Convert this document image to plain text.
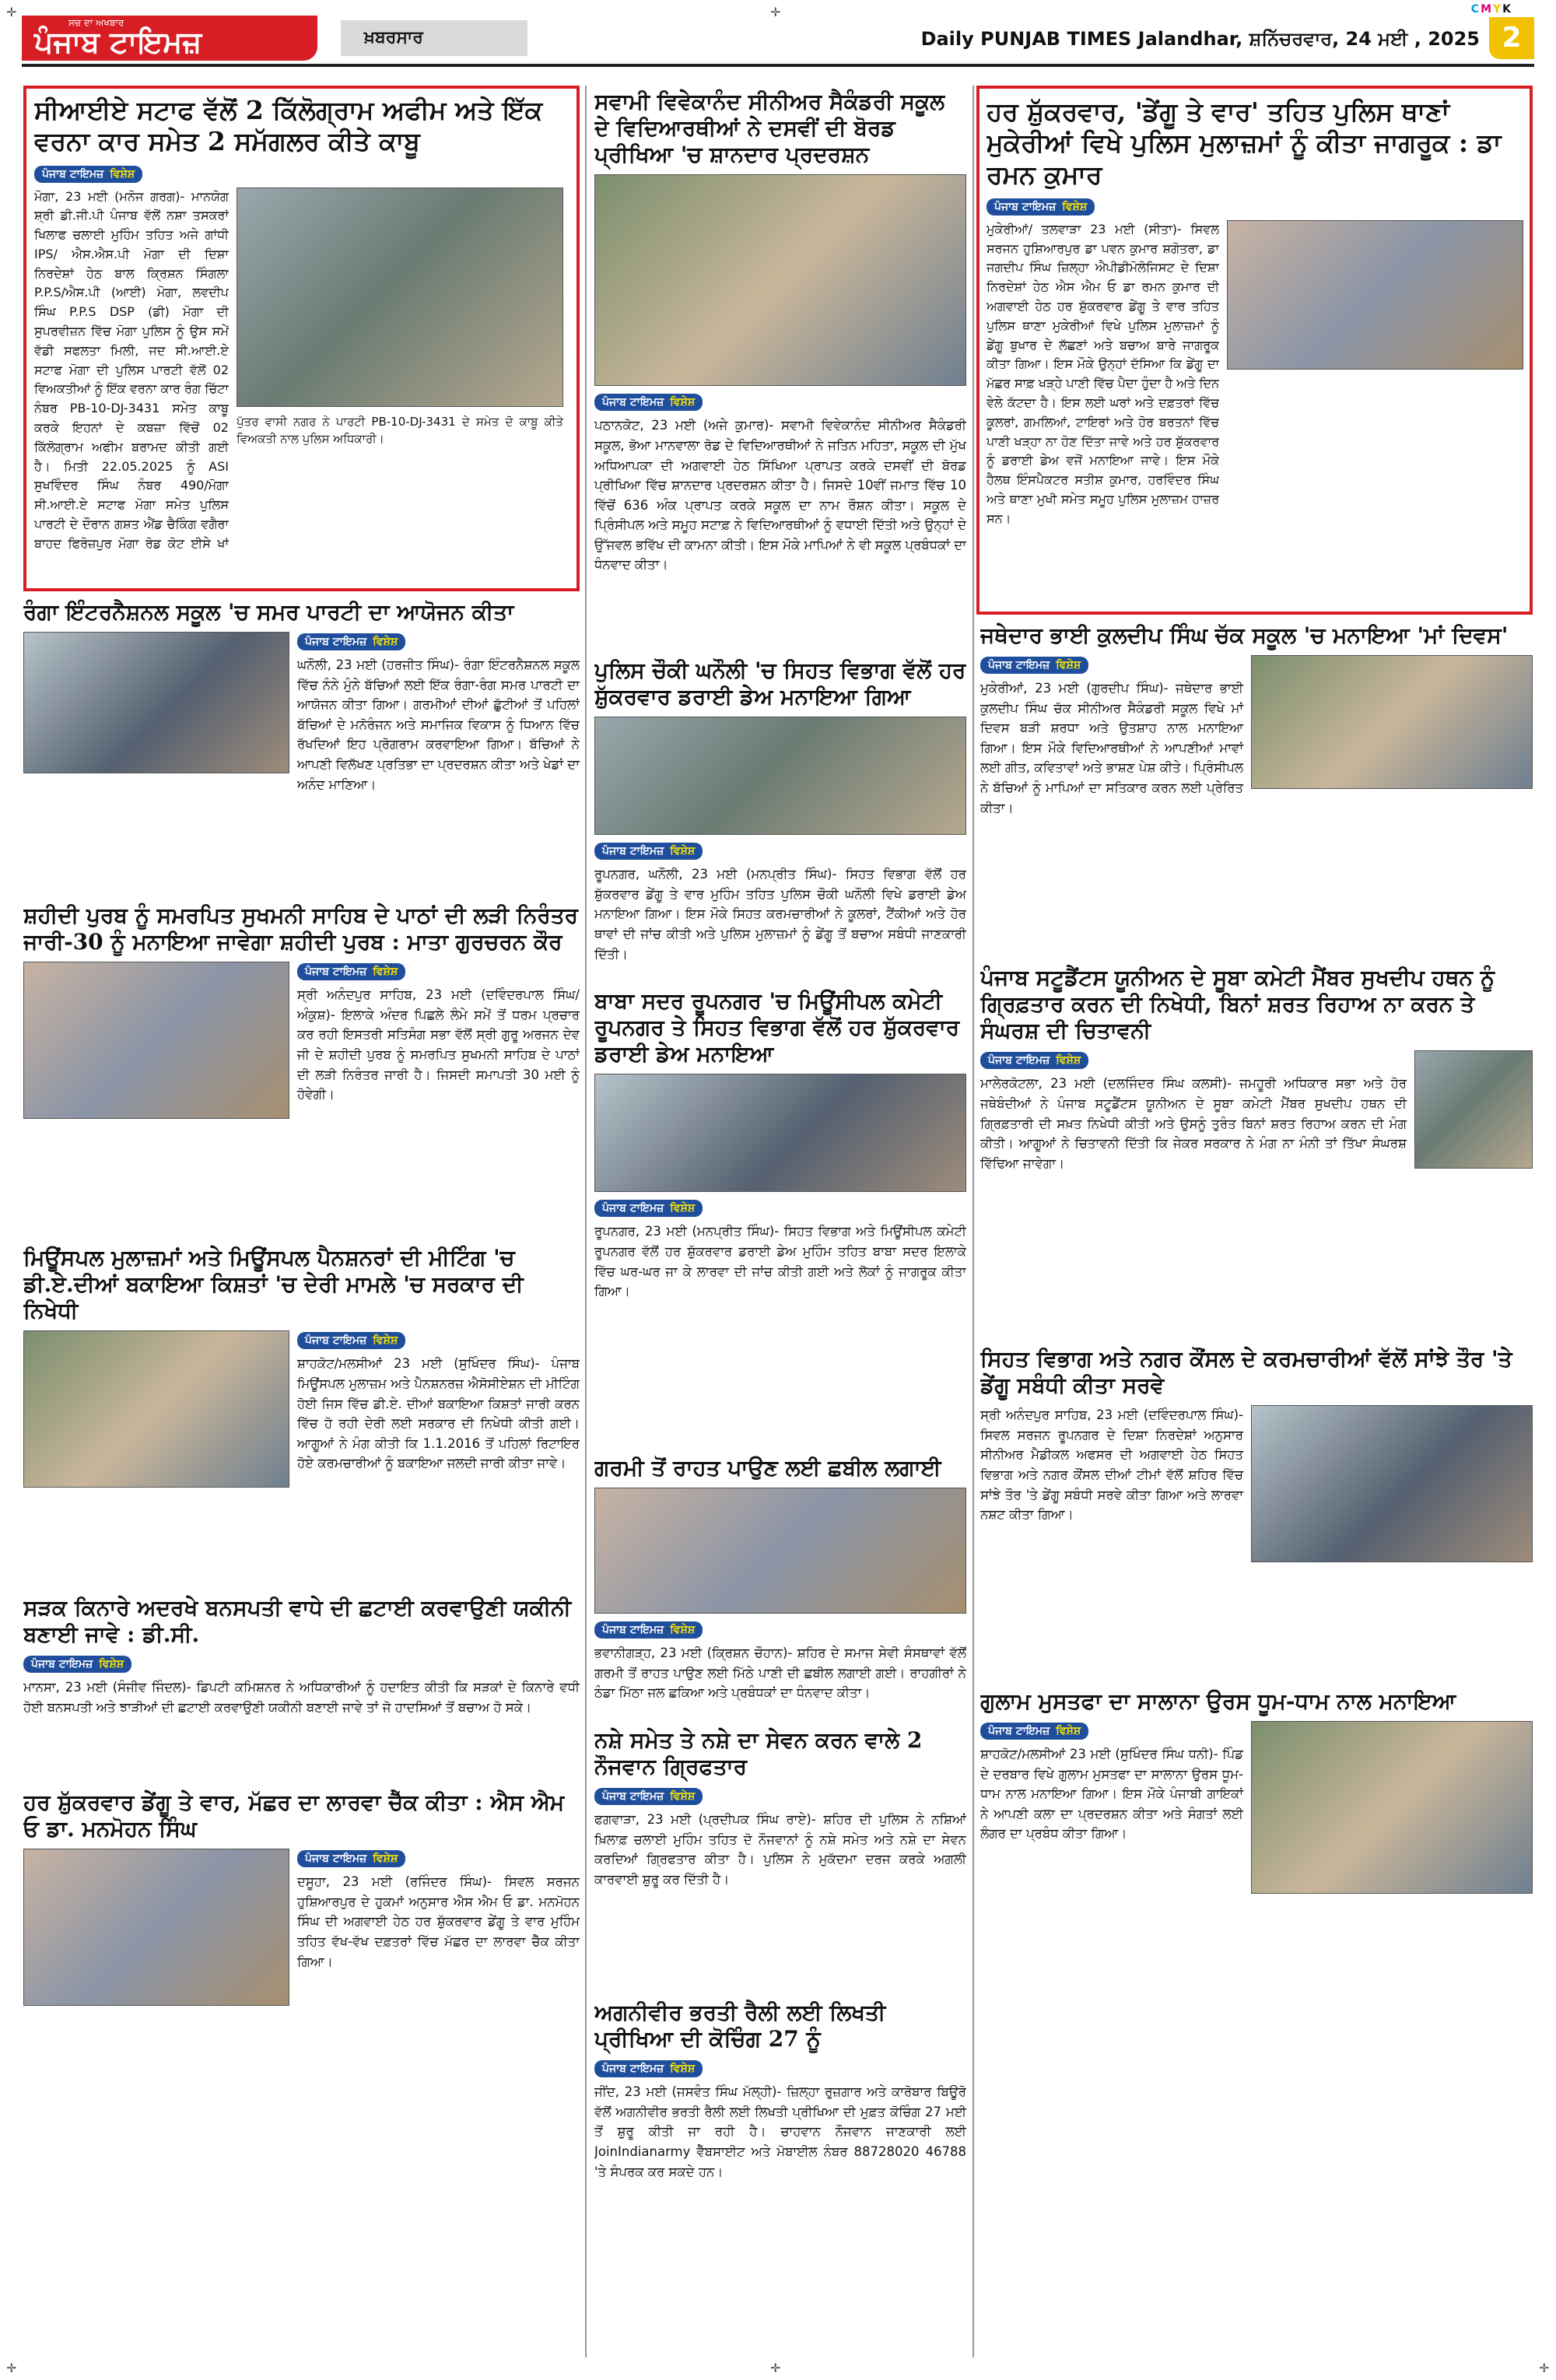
✛	✛
✛	✛	✛
CMYK
ਸਚ ਦਾ ਅਖਬਾਰ
ਪੰਜਾਬ ਟਾਇਮਜ਼	ਖ਼ਬਰਸਾਰ	Daily PUNJAB TIMES Jalandhar, ਸ਼ਨਿੱਚਰਵਾਰ, 24 ਮਈ , 2025 2
ਸੀਆਈਏ ਸਟਾਫ ਵੱਲੋਂ 2 ਕਿੱਲੋਗ੍ਰਾਮ ਅਫੀਮ ਅਤੇ ਇੱਕ ਵਰਨਾ ਕਾਰ ਸਮੇਤ 2 ਸਮੱਗਲਰ ਕੀਤੇ ਕਾਬੂ
ਪੰਜਾਬ ਟਾਇਮਜ਼ ਵਿਸ਼ੇਸ਼
ਮੋਗਾ, 23 ਮਈ (ਮਨੋਜ ਗਰਗ)- ਮਾਨਯੋਗ ਸ਼੍ਰੀ ਡੀ.ਜੀ.ਪੀ ਪੰਜਾਬ ਵੱਲੋਂ ਨਸ਼ਾ ਤਸਕਰਾਂ ਖਿਲਾਫ ਚਲਾਈ ਮੁਹਿੰਮ ਤਹਿਤ ਅਜੇ ਗਾਂਧੀ IPS/ ਐਸ.ਐਸ.ਪੀ ਮੋਗਾ ਦੀ ਦਿਸ਼ਾ ਨਿਰਦੇਸ਼ਾਂ ਹੇਠ ਬਾਲ ਕ੍ਰਿਸ਼ਨ ਸਿੰਗਲਾ P.P.S/ਐਸ.ਪੀ (ਆਈ) ਮੋਗਾ, ਲਵਦੀਪ ਸਿੰਘ P.P.S DSP (ਡੀ) ਮੋਗਾ ਦੀ ਸੁਪਰਵੀਜ਼ਨ ਵਿੱਚ ਮੋਗਾ ਪੁਲਿਸ ਨੂੰ ਉਸ ਸਮੇਂ ਵੱਡੀ ਸਫਲਤਾ ਮਿਲੀ, ਜਦ ਸੀ.ਆਈ.ਏ ਸਟਾਫ ਮੋਗਾ ਦੀ ਪੁਲਿਸ ਪਾਰਟੀ ਵੱਲੋਂ 02 ਵਿਅਕਤੀਆਂ ਨੂੰ ਇੱਕ ਵਰਨਾ ਕਾਰ ਰੰਗ ਚਿੱਟਾ ਨੰਬਰ PB-10-DJ-3431 ਸਮੇਤ ਕਾਬੂ ਕਰਕੇ ਇਹਨਾਂ ਦੇ ਕਬਜ਼ਾ ਵਿੱਚੋਂ 02 ਕਿੱਲੋਗ੍ਰਾਮ ਅਫੀਮ ਬਰਾਮਦ ਕੀਤੀ ਗਈ ਹੈ। ਮਿਤੀ 22.05.2025 ਨੂੰ ASI ਸੁਖਵਿੰਦਰ ਸਿੰਘ ਨੰਬਰ 490/ਮੋਗਾ ਸੀ.ਆਈ.ਏ ਸਟਾਫ ਮੋਗਾ ਸਮੇਤ ਪੁਲਿਸ ਪਾਰਟੀ ਦੇ ਦੌਰਾਨ ਗਸ਼ਤ ਐਂਡ ਚੈਕਿੰਗ ਵਗੈਰਾ ਬਾਹਦ ਫਿਰੋਜ਼ਪੁਰ ਮੋਗਾ ਰੋਡ ਕੋਟ ਈਸੇ ਖਾਂ
ਪੁੱਤਰ ਵਾਸੀ ਨਗਰ ਨੇ ਪਾਰਟੀ PB-10-DJ-3431 ਦੇ ਸਮੇਤ ਦੋ ਕਾਬੂ ਕੀਤੇ ਵਿਅਕਤੀ ਨਾਲ ਪੁਲਿਸ ਅਧਿਕਾਰੀ।
ਸਵਾਮੀ ਵਿਵੇਕਾਨੰਦ ਸੀਨੀਅਰ ਸੈਕੰਡਰੀ ਸਕੂਲ ਦੇ ਵਿਦਿਆਰਥੀਆਂ ਨੇ ਦਸਵੀਂ ਦੀ ਬੋਰਡ ਪ੍ਰੀਖਿਆ 'ਚ ਸ਼ਾਨਦਾਰ ਪ੍ਰਦਰਸ਼ਨ
ਪੰਜਾਬ ਟਾਇਮਜ਼ ਵਿਸ਼ੇਸ਼

ਪਠਾਨਕੋਟ, 23 ਮਈ (ਅਜੇ ਕੁਮਾਰ)- ਸਵਾਮੀ ਵਿਵੇਕਾਨੰਦ ਸੀਨੀਅਰ ਸੈਕੰਡਰੀ ਸਕੂਲ, ਭੋਆ ਮਾਨਵਾਲਾ ਰੋਡ ਦੇ ਵਿਦਿਆਰਥੀਆਂ ਨੇ ਜਤਿਨ ਮਹਿਤਾ, ਸਕੂਲ ਦੀ ਮੁੱਖ ਅਧਿਆਪਕਾ ਦੀ ਅਗਵਾਈ ਹੇਠ ਸਿੱਖਿਆ ਪ੍ਰਾਪਤ ਕਰਕੇ ਦਸਵੀਂ ਦੀ ਬੋਰਡ ਪ੍ਰੀਖਿਆ ਵਿੱਚ ਸ਼ਾਨਦਾਰ ਪ੍ਰਦਰਸ਼ਨ ਕੀਤਾ ਹੈ। ਜਿਸਦੇ 10ਵੀਂ ਜਮਾਤ ਵਿੱਚ 10 ਵਿੱਚੋਂ 636 ਅੰਕ ਪ੍ਰਾਪਤ ਕਰਕੇ ਸਕੂਲ ਦਾ ਨਾਮ ਰੌਸ਼ਨ ਕੀਤਾ। ਸਕੂਲ ਦੇ ਪ੍ਰਿੰਸੀਪਲ ਅਤੇ ਸਮੂਹ ਸਟਾਫ਼ ਨੇ ਵਿਦਿਆਰਥੀਆਂ ਨੂੰ ਵਧਾਈ ਦਿੱਤੀ ਅਤੇ ਉਨ੍ਹਾਂ ਦੇ ਉੱਜਵਲ ਭਵਿੱਖ ਦੀ ਕਾਮਨਾ ਕੀਤੀ। ਇਸ ਮੌਕੇ ਮਾਪਿਆਂ ਨੇ ਵੀ ਸਕੂਲ ਪ੍ਰਬੰਧਕਾਂ ਦਾ ਧੰਨਵਾਦ ਕੀਤਾ।

ਹਰ ਸ਼ੁੱਕਰਵਾਰ, 'ਡੇਂਗੂ ਤੇ ਵਾਰ' ਤਹਿਤ ਪੁਲਿਸ ਥਾਣਾਂ ਮੁਕੇਰੀਆਂ ਵਿਖੇ ਪੁਲਿਸ ਮੁਲਾਜ਼ਮਾਂ ਨੂੰ ਕੀਤਾ ਜਾਗਰੂਕ : ਡਾ ਰਮਨ ਕੁਮਾਰ
ਪੰਜਾਬ ਟਾਇਮਜ਼ ਵਿਸ਼ੇਸ਼
ਮੁਕੇਰੀਆਂ/ ਤਲਵਾੜਾ 23 ਮਈ (ਸੀਤਾ)- ਸਿਵਲ ਸਰਜਨ ਹੁਸ਼ਿਆਰਪੁਰ ਡਾ ਪਵਨ ਕੁਮਾਰ ਸ਼ਗੋਤਰਾ, ਡਾ ਜਗਦੀਪ ਸਿੰਘ ਜ਼ਿਲ੍ਹਾ ਐਪੀਡੀਮੋਲੋਜਿਸਟ ਦੇ ਦਿਸ਼ਾ ਨਿਰਦੇਸ਼ਾਂ ਹੇਠ ਐਸ ਐਮ ਓ ਡਾ ਰਮਨ ਕੁਮਾਰ ਦੀ ਅਗਵਾਈ ਹੇਠ ਹਰ ਸ਼ੁੱਕਰਵਾਰ ਡੇਂਗੂ ਤੇ ਵਾਰ ਤਹਿਤ ਪੁਲਿਸ ਥਾਣਾ ਮੁਕੇਰੀਆਂ ਵਿਖੇ ਪੁਲਿਸ ਮੁਲਾਜ਼ਮਾਂ ਨੂੰ ਡੇਂਗੂ ਬੁਖਾਰ ਦੇ ਲੱਛਣਾਂ ਅਤੇ ਬਚਾਅ ਬਾਰੇ ਜਾਗਰੂਕ ਕੀਤਾ ਗਿਆ। ਇਸ ਮੌਕੇ ਉਨ੍ਹਾਂ ਦੱਸਿਆ ਕਿ ਡੇਂਗੂ ਦਾ ਮੱਛਰ ਸਾਫ਼ ਖੜ੍ਹੇ ਪਾਣੀ ਵਿੱਚ ਪੈਦਾ ਹੁੰਦਾ ਹੈ ਅਤੇ ਦਿਨ ਵੇਲੇ ਕੱਟਦਾ ਹੈ। ਇਸ ਲਈ ਘਰਾਂ ਅਤੇ ਦਫ਼ਤਰਾਂ ਵਿੱਚ ਕੂਲਰਾਂ, ਗਮਲਿਆਂ, ਟਾਇਰਾਂ ਅਤੇ ਹੋਰ ਬਰਤਨਾਂ ਵਿੱਚ ਪਾਣੀ ਖੜ੍ਹਾ ਨਾ ਹੋਣ ਦਿੱਤਾ ਜਾਵੇ ਅਤੇ ਹਰ ਸ਼ੁੱਕਰਵਾਰ ਨੂੰ ਡਰਾਈ ਡੇਅ ਵਜੋਂ ਮਨਾਇਆ ਜਾਵੇ। ਇਸ ਮੌਕੇ ਹੈਲਥ ਇੰਸਪੈਕਟਰ ਸਤੀਸ਼ ਕੁਮਾਰ, ਹਰਵਿੰਦਰ ਸਿੰਘ ਅਤੇ ਥਾਣਾ ਮੁਖੀ ਸਮੇਤ ਸਮੂਹ ਪੁਲਿਸ ਮੁਲਾਜ਼ਮ ਹਾਜ਼ਰ ਸਨ।
ਰੰਗਾ ਇੰਟਰਨੈਸ਼ਨਲ ਸਕੂਲ 'ਚ ਸਮਰ ਪਾਰਟੀ ਦਾ ਆਯੋਜਨ ਕੀਤਾ
ਪੰਜਾਬ ਟਾਇਮਜ਼ ਵਿਸ਼ੇਸ਼

ਘਨੌਲੀ, 23 ਮਈ (ਹਰਜੀਤ ਸਿੰਘ)- ਰੰਗਾ ਇੰਟਰਨੈਸ਼ਨਲ ਸਕੂਲ ਵਿੱਚ ਨੰਨੇ ਮੁੰਨੇ ਬੱਚਿਆਂ ਲਈ ਇੱਕ ਰੰਗਾ-ਰੰਗ ਸਮਰ ਪਾਰਟੀ ਦਾ ਆਯੋਜਨ ਕੀਤਾ ਗਿਆ। ਗਰਮੀਆਂ ਦੀਆਂ ਛੁੱਟੀਆਂ ਤੋਂ ਪਹਿਲਾਂ ਬੱਚਿਆਂ ਦੇ ਮਨੋਰੰਜਨ ਅਤੇ ਸਮਾਜਿਕ ਵਿਕਾਸ ਨੂੰ ਧਿਆਨ ਵਿੱਚ ਰੱਖਦਿਆਂ ਇਹ ਪ੍ਰੋਗਰਾਮ ਕਰਵਾਇਆ ਗਿਆ। ਬੱਚਿਆਂ ਨੇ ਆਪਣੀ ਵਿਲੱਖਣ ਪ੍ਰਤਿਭਾ ਦਾ ਪ੍ਰਦਰਸ਼ਨ ਕੀਤਾ ਅਤੇ ਖੇਡਾਂ ਦਾ ਅਨੰਦ ਮਾਣਿਆ।

ਪੁਲਿਸ ਚੌਕੀ ਘਨੌਲੀ 'ਚ ਸਿਹਤ ਵਿਭਾਗ ਵੱਲੋਂ ਹਰ ਸ਼ੁੱਕਰਵਾਰ ਡਰਾਈ ਡੇਅ ਮਨਾਇਆ ਗਿਆ
ਪੰਜਾਬ ਟਾਇਮਜ਼ ਵਿਸ਼ੇਸ਼

ਰੂਪਨਗਰ, ਘਨੌਲੀ, 23 ਮਈ (ਮਨਪ੍ਰੀਤ ਸਿੰਘ)- ਸਿਹਤ ਵਿਭਾਗ ਵੱਲੋਂ ਹਰ ਸ਼ੁੱਕਰਵਾਰ ਡੇਂਗੂ ਤੇ ਵਾਰ ਮੁਹਿੰਮ ਤਹਿਤ ਪੁਲਿਸ ਚੌਕੀ ਘਨੌਲੀ ਵਿਖੇ ਡਰਾਈ ਡੇਅ ਮਨਾਇਆ ਗਿਆ। ਇਸ ਮੌਕੇ ਸਿਹਤ ਕਰਮਚਾਰੀਆਂ ਨੇ ਕੂਲਰਾਂ, ਟੈਂਕੀਆਂ ਅਤੇ ਹੋਰ ਥਾਵਾਂ ਦੀ ਜਾਂਚ ਕੀਤੀ ਅਤੇ ਪੁਲਿਸ ਮੁਲਾਜ਼ਮਾਂ ਨੂੰ ਡੇਂਗੂ ਤੋਂ ਬਚਾਅ ਸਬੰਧੀ ਜਾਣਕਾਰੀ ਦਿੱਤੀ।

ਜਥੇਦਾਰ ਭਾਈ ਕੁਲਦੀਪ ਸਿੰਘ ਚੱਕ ਸਕੂਲ 'ਚ ਮਨਾਇਆ 'ਮਾਂ ਦਿਵਸ'
ਪੰਜਾਬ ਟਾਇਮਜ਼ ਵਿਸ਼ੇਸ਼

ਮੁਕੇਰੀਆਂ, 23 ਮਈ (ਗੁਰਦੀਪ ਸਿੰਘ)- ਜਥੇਦਾਰ ਭਾਈ ਕੁਲਦੀਪ ਸਿੰਘ ਚੱਕ ਸੀਨੀਅਰ ਸੈਕੰਡਰੀ ਸਕੂਲ ਵਿਖੇ ਮਾਂ ਦਿਵਸ ਬੜੀ ਸ਼ਰਧਾ ਅਤੇ ਉਤਸ਼ਾਹ ਨਾਲ ਮਨਾਇਆ ਗਿਆ। ਇਸ ਮੌਕੇ ਵਿਦਿਆਰਥੀਆਂ ਨੇ ਆਪਣੀਆਂ ਮਾਵਾਂ ਲਈ ਗੀਤ, ਕਵਿਤਾਵਾਂ ਅਤੇ ਭਾਸ਼ਣ ਪੇਸ਼ ਕੀਤੇ। ਪ੍ਰਿੰਸੀਪਲ ਨੇ ਬੱਚਿਆਂ ਨੂੰ ਮਾਪਿਆਂ ਦਾ ਸਤਿਕਾਰ ਕਰਨ ਲਈ ਪ੍ਰੇਰਿਤ ਕੀਤਾ।

ਸ਼ਹੀਦੀ ਪੁਰਬ ਨੂੰ ਸਮਰਪਿਤ ਸੁਖਮਨੀ ਸਾਹਿਬ ਦੇ ਪਾਠਾਂ ਦੀ ਲੜੀ ਨਿਰੰਤਰ ਜਾਰੀ-30 ਨੂੰ ਮਨਾਇਆ ਜਾਵੇਗਾ ਸ਼ਹੀਦੀ ਪੁਰਬ : ਮਾਤਾ ਗੁਰਚਰਨ ਕੌਰ
ਪੰਜਾਬ ਟਾਇਮਜ਼ ਵਿਸ਼ੇਸ਼

ਸ੍ਰੀ ਅਨੰਦਪੁਰ ਸਾਹਿਬ, 23 ਮਈ (ਦਵਿੰਦਰਪਾਲ ਸਿੰਘ/ਅੰਕੁਸ਼)- ਇਲਾਕੇ ਅੰਦਰ ਪਿਛਲੇ ਲੰਮੇ ਸਮੇਂ ਤੋਂ ਧਰਮ ਪ੍ਰਚਾਰ ਕਰ ਰਹੀ ਇਸਤਰੀ ਸਤਿਸੰਗ ਸਭਾ ਵੱਲੋਂ ਸ੍ਰੀ ਗੁਰੂ ਅਰਜਨ ਦੇਵ ਜੀ ਦੇ ਸ਼ਹੀਦੀ ਪੁਰਬ ਨੂੰ ਸਮਰਪਿਤ ਸੁਖਮਨੀ ਸਾਹਿਬ ਦੇ ਪਾਠਾਂ ਦੀ ਲੜੀ ਨਿਰੰਤਰ ਜਾਰੀ ਹੈ। ਜਿਸਦੀ ਸਮਾਪਤੀ 30 ਮਈ ਨੂੰ ਹੋਵੇਗੀ।

ਬਾਬਾ ਸਦਰ ਰੂਪਨਗਰ 'ਚ ਮਿਊਂਸੀਪਲ ਕਮੇਟੀ ਰੂਪਨਗਰ ਤੇ ਸਿਹਤ ਵਿਭਾਗ ਵੱਲੋਂ ਹਰ ਸ਼ੁੱਕਰਵਾਰ ਡਰਾਈ ਡੇਅ ਮਨਾਇਆ
ਪੰਜਾਬ ਟਾਇਮਜ਼ ਵਿਸ਼ੇਸ਼

ਰੂਪਨਗਰ, 23 ਮਈ (ਮਨਪ੍ਰੀਤ ਸਿੰਘ)- ਸਿਹਤ ਵਿਭਾਗ ਅਤੇ ਮਿਊਂਸੀਪਲ ਕਮੇਟੀ ਰੂਪਨਗਰ ਵੱਲੋਂ ਹਰ ਸ਼ੁੱਕਰਵਾਰ ਡਰਾਈ ਡੇਅ ਮੁਹਿੰਮ ਤਹਿਤ ਬਾਬਾ ਸਦਰ ਇਲਾਕੇ ਵਿੱਚ ਘਰ-ਘਰ ਜਾ ਕੇ ਲਾਰਵਾ ਦੀ ਜਾਂਚ ਕੀਤੀ ਗਈ ਅਤੇ ਲੋਕਾਂ ਨੂੰ ਜਾਗਰੂਕ ਕੀਤਾ ਗਿਆ।

ਪੰਜਾਬ ਸਟੂਡੈਂਟਸ ਯੂਨੀਅਨ ਦੇ ਸੂਬਾ ਕਮੇਟੀ ਮੈਂਬਰ ਸੁਖਦੀਪ ਹਥਨ ਨੂੰ ਗ੍ਰਿਫ਼ਤਾਰ ਕਰਨ ਦੀ ਨਿਖੇਧੀ, ਬਿਨਾਂ ਸ਼ਰਤ ਰਿਹਾਅ ਨਾ ਕਰਨ ਤੇ ਸੰਘਰਸ਼ ਦੀ ਚਿਤਾਵਨੀ
ਪੰਜਾਬ ਟਾਇਮਜ਼ ਵਿਸ਼ੇਸ਼

ਮਾਲੇਰਕੋਟਲਾ, 23 ਮਈ (ਦਲਜਿੰਦਰ ਸਿੰਘ ਕਲਸੀ)- ਜਮਹੂਰੀ ਅਧਿਕਾਰ ਸਭਾ ਅਤੇ ਹੋਰ ਜਥੇਬੰਦੀਆਂ ਨੇ ਪੰਜਾਬ ਸਟੂਡੈਂਟਸ ਯੂਨੀਅਨ ਦੇ ਸੂਬਾ ਕਮੇਟੀ ਮੈਂਬਰ ਸੁਖਦੀਪ ਹਥਨ ਦੀ ਗ੍ਰਿਫ਼ਤਾਰੀ ਦੀ ਸਖ਼ਤ ਨਿਖੇਧੀ ਕੀਤੀ ਅਤੇ ਉਸਨੂੰ ਤੁਰੰਤ ਬਿਨਾਂ ਸ਼ਰਤ ਰਿਹਾਅ ਕਰਨ ਦੀ ਮੰਗ ਕੀਤੀ। ਆਗੂਆਂ ਨੇ ਚਿਤਾਵਨੀ ਦਿੱਤੀ ਕਿ ਜੇਕਰ ਸਰਕਾਰ ਨੇ ਮੰਗ ਨਾ ਮੰਨੀ ਤਾਂ ਤਿੱਖਾ ਸੰਘਰਸ਼ ਵਿੱਢਿਆ ਜਾਵੇਗਾ।

ਮਿਊਂਸਪਲ ਮੁਲਾਜ਼ਮਾਂ ਅਤੇ ਮਿਊਂਸਪਲ ਪੈਨਸ਼ਨਰਾਂ ਦੀ ਮੀਟਿੰਗ 'ਚ ਡੀ.ਏ.ਦੀਆਂ ਬਕਾਇਆ ਕਿਸ਼ਤਾਂ 'ਚ ਦੇਰੀ ਮਾਮਲੇ 'ਚ ਸਰਕਾਰ ਦੀ ਨਿਖੇਧੀ
ਪੰਜਾਬ ਟਾਇਮਜ਼ ਵਿਸ਼ੇਸ਼

ਸ਼ਾਹਕੋਟ/ਮਲਸੀਆਂ 23 ਮਈ (ਸੁਖਿੰਦਰ ਸਿੰਘ)- ਪੰਜਾਬ ਮਿਊਂਸਪਲ ਮੁਲਾਜ਼ਮ ਅਤੇ ਪੈਨਸ਼ਨਰਜ਼ ਐਸੋਸੀਏਸ਼ਨ ਦੀ ਮੀਟਿੰਗ ਹੋਈ ਜਿਸ ਵਿੱਚ ਡੀ.ਏ. ਦੀਆਂ ਬਕਾਇਆ ਕਿਸ਼ਤਾਂ ਜਾਰੀ ਕਰਨ ਵਿੱਚ ਹੋ ਰਹੀ ਦੇਰੀ ਲਈ ਸਰਕਾਰ ਦੀ ਨਿਖੇਧੀ ਕੀਤੀ ਗਈ। ਆਗੂਆਂ ਨੇ ਮੰਗ ਕੀਤੀ ਕਿ 1.1.2016 ਤੋਂ ਪਹਿਲਾਂ ਰਿਟਾਇਰ ਹੋਏ ਕਰਮਚਾਰੀਆਂ ਨੂੰ ਬਕਾਇਆ ਜਲਦੀ ਜਾਰੀ ਕੀਤਾ ਜਾਵੇ।	ਗਰਮੀ ਤੋਂ ਰਾਹਤ ਪਾਉਣ ਲਈ ਛਬੀਲ ਲਗਾਈ
ਪੰਜਾਬ ਟਾਇਮਜ਼ ਵਿਸ਼ੇਸ਼

ਭਵਾਨੀਗੜ੍ਹ, 23 ਮਈ (ਕ੍ਰਿਸ਼ਨ ਚੌਹਾਨ)- ਸ਼ਹਿਰ ਦੇ ਸਮਾਜ ਸੇਵੀ ਸੰਸਥਾਵਾਂ ਵੱਲੋਂ ਗਰਮੀ ਤੋਂ ਰਾਹਤ ਪਾਉਣ ਲਈ ਮਿੱਠੇ ਪਾਣੀ ਦੀ ਛਬੀਲ ਲਗਾਈ ਗਈ। ਰਾਹਗੀਰਾਂ ਨੇ ਠੰਡਾ ਮਿੱਠਾ ਜਲ ਛਕਿਆ ਅਤੇ ਪ੍ਰਬੰਧਕਾਂ ਦਾ ਧੰਨਵਾਦ ਕੀਤਾ।

ਸਿਹਤ ਵਿਭਾਗ ਅਤੇ ਨਗਰ ਕੌਂਸਲ ਦੇ ਕਰਮਚਾਰੀਆਂ ਵੱਲੋਂ ਸਾਂਝੇ ਤੌਰ 'ਤੇ ਡੇਂਗੂ ਸਬੰਧੀ ਕੀਤਾ ਸਰਵੇ

ਸ੍ਰੀ ਅਨੰਦਪੁਰ ਸਾਹਿਬ, 23 ਮਈ (ਦਵਿੰਦਰਪਾਲ ਸਿੰਘ)- ਸਿਵਲ ਸਰਜਨ ਰੂਪਨਗਰ ਦੇ ਦਿਸ਼ਾ ਨਿਰਦੇਸ਼ਾਂ ਅਨੁਸਾਰ ਸੀਨੀਅਰ ਮੈਡੀਕਲ ਅਫਸਰ ਦੀ ਅਗਵਾਈ ਹੇਠ ਸਿਹਤ ਵਿਭਾਗ ਅਤੇ ਨਗਰ ਕੌਂਸਲ ਦੀਆਂ ਟੀਮਾਂ ਵੱਲੋਂ ਸ਼ਹਿਰ ਵਿੱਚ ਸਾਂਝੇ ਤੌਰ 'ਤੇ ਡੇਂਗੂ ਸਬੰਧੀ ਸਰਵੇ ਕੀਤਾ ਗਿਆ ਅਤੇ ਲਾਰਵਾ ਨਸ਼ਟ ਕੀਤਾ ਗਿਆ।

ਸੜਕ ਕਿਨਾਰੇ ਅਦਰਖੇ ਬਨਸਪਤੀ ਵਾਧੇ ਦੀ ਛਟਾਈ ਕਰਵਾਉਣੀ ਯਕੀਨੀ ਬਣਾਈ ਜਾਵੇ : ਡੀ.ਸੀ.
ਪੰਜਾਬ ਟਾਇਮਜ਼ ਵਿਸ਼ੇਸ਼

ਮਾਨਸਾ, 23 ਮਈ (ਸੰਜੀਵ ਜਿੰਦਲ)- ਡਿਪਟੀ ਕਮਿਸ਼ਨਰ ਨੇ ਅਧਿਕਾਰੀਆਂ ਨੂੰ ਹਦਾਇਤ ਕੀਤੀ ਕਿ ਸੜਕਾਂ ਦੇ ਕਿਨਾਰੇ ਵਧੀ ਹੋਈ ਬਨਸਪਤੀ ਅਤੇ ਝਾੜੀਆਂ ਦੀ ਛਟਾਈ ਕਰਵਾਉਣੀ ਯਕੀਨੀ ਬਣਾਈ ਜਾਵੇ ਤਾਂ ਜੋ ਹਾਦਸਿਆਂ ਤੋਂ ਬਚਾਅ ਹੋ ਸਕੇ।

ਨਸ਼ੇ ਸਮੇਤ ਤੇ ਨਸ਼ੇ ਦਾ ਸੇਵਨ ਕਰਨ ਵਾਲੇ 2 ਨੌਜਵਾਨ ਗ੍ਰਿਫਤਾਰ
ਪੰਜਾਬ ਟਾਇਮਜ਼ ਵਿਸ਼ੇਸ਼

ਫਗਵਾੜਾ, 23 ਮਈ (ਪ੍ਰਦੀਪਕ ਸਿੰਘ ਰਾਏ)- ਸ਼ਹਿਰ ਦੀ ਪੁਲਿਸ ਨੇ ਨਸ਼ਿਆਂ ਖ਼ਿਲਾਫ਼ ਚਲਾਈ ਮੁਹਿੰਮ ਤਹਿਤ ਦੋ ਨੌਜਵਾਨਾਂ ਨੂੰ ਨਸ਼ੇ ਸਮੇਤ ਅਤੇ ਨਸ਼ੇ ਦਾ ਸੇਵਨ ਕਰਦਿਆਂ ਗ੍ਰਿਫਤਾਰ ਕੀਤਾ ਹੈ। ਪੁਲਿਸ ਨੇ ਮੁਕੱਦਮਾ ਦਰਜ ਕਰਕੇ ਅਗਲੀ ਕਾਰਵਾਈ ਸ਼ੁਰੂ ਕਰ ਦਿੱਤੀ ਹੈ।

ਗੁਲਾਮ ਮੁਸਤਫਾ ਦਾ ਸਾਲਾਨਾ ਉਰਸ ਧੂਮ-ਧਾਮ ਨਾਲ ਮਨਾਇਆ
ਪੰਜਾਬ ਟਾਇਮਜ਼ ਵਿਸ਼ੇਸ਼

ਸ਼ਾਹਕੋਟ/ਮਲਸੀਆਂ 23 ਮਈ (ਸੁਖਿੰਦਰ ਸਿੰਘ ਧਨੀ)- ਪਿੰਡ ਦੇ ਦਰਬਾਰ ਵਿਖੇ ਗੁਲਾਮ ਮੁਸਤਫਾ ਦਾ ਸਾਲਾਨਾ ਉਰਸ ਧੂਮ-ਧਾਮ ਨਾਲ ਮਨਾਇਆ ਗਿਆ। ਇਸ ਮੌਕੇ ਪੰਜਾਬੀ ਗਾਇਕਾਂ ਨੇ ਆਪਣੀ ਕਲਾ ਦਾ ਪ੍ਰਦਰਸ਼ਨ ਕੀਤਾ ਅਤੇ ਸੰਗਤਾਂ ਲਈ ਲੰਗਰ ਦਾ ਪ੍ਰਬੰਧ ਕੀਤਾ ਗਿਆ।

ਹਰ ਸ਼ੁੱਕਰਵਾਰ ਡੇਂਗੂ ਤੇ ਵਾਰ, ਮੱਛਰ ਦਾ ਲਾਰਵਾ ਚੈੱਕ ਕੀਤਾ : ਐਸ ਐਮ ਓ ਡਾ. ਮਨਮੋਹਨ ਸਿੰਘ
ਪੰਜਾਬ ਟਾਇਮਜ਼ ਵਿਸ਼ੇਸ਼

ਦਸੂਹਾ, 23 ਮਈ (ਰਜਿੰਦਰ ਸਿੰਘ)- ਸਿਵਲ ਸਰਜਨ ਹੁਸ਼ਿਆਰਪੁਰ ਦੇ ਹੁਕਮਾਂ ਅਨੁਸਾਰ ਐਸ ਐਮ ਓ ਡਾ. ਮਨਮੋਹਨ ਸਿੰਘ ਦੀ ਅਗਵਾਈ ਹੇਠ ਹਰ ਸ਼ੁੱਕਰਵਾਰ ਡੇਂਗੂ ਤੇ ਵਾਰ ਮੁਹਿੰਮ ਤਹਿਤ ਵੱਖ-ਵੱਖ ਦਫ਼ਤਰਾਂ ਵਿੱਚ ਮੱਛਰ ਦਾ ਲਾਰਵਾ ਚੈੱਕ ਕੀਤਾ ਗਿਆ।

ਅਗਨੀਵੀਰ ਭਰਤੀ ਰੈਲੀ ਲਈ ਲਿਖਤੀ ਪ੍ਰੀਖਿਆ ਦੀ ਕੋਚਿੰਗ 27 ਨੂੰ
ਪੰਜਾਬ ਟਾਇਮਜ਼ ਵਿਸ਼ੇਸ਼

ਜੀਂਦ, 23 ਮਈ (ਜਸਵੰਤ ਸਿੰਘ ਮੱਲ੍ਹੀ)- ਜ਼ਿਲ੍ਹਾ ਰੁਜ਼ਗਾਰ ਅਤੇ ਕਾਰੋਬਾਰ ਬਿਊਰੋ ਵੱਲੋਂ ਅਗਨੀਵੀਰ ਭਰਤੀ ਰੈਲੀ ਲਈ ਲਿਖਤੀ ਪ੍ਰੀਖਿਆ ਦੀ ਮੁਫ਼ਤ ਕੋਚਿੰਗ 27 ਮਈ ਤੋਂ ਸ਼ੁਰੂ ਕੀਤੀ ਜਾ ਰਹੀ ਹੈ। ਚਾਹਵਾਨ ਨੌਜਵਾਨ ਜਾਣਕਾਰੀ ਲਈ JoinIndianarmy ਵੈੱਬਸਾਈਟ ਅਤੇ ਮੋਬਾਈਲ ਨੰਬਰ 88728020 46788 'ਤੇ ਸੰਪਰਕ ਕਰ ਸਕਦੇ ਹਨ।
